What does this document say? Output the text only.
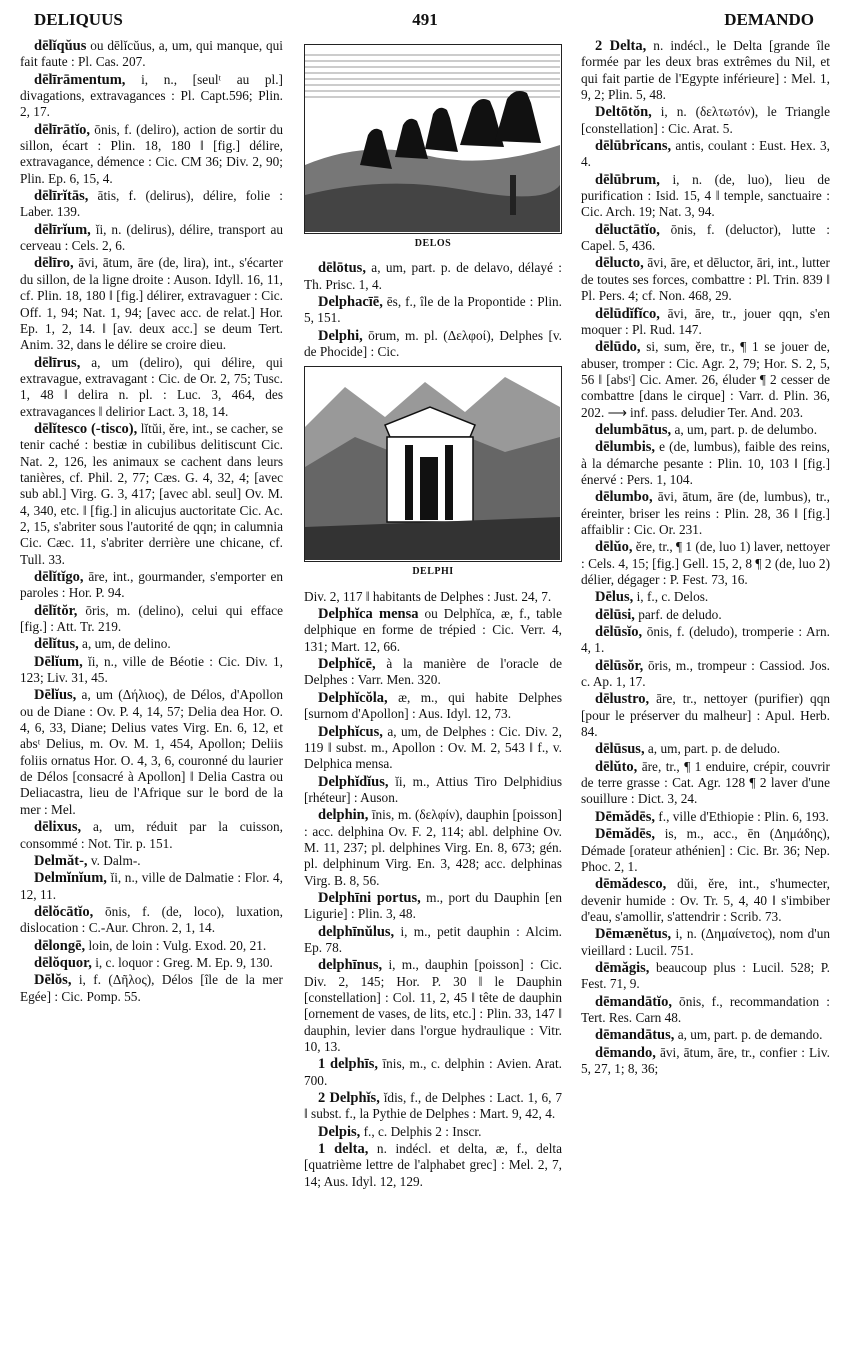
DELIQUUS	491	DEMANDO

dēlĭqŭus ou dēlĭcŭus, a, um, qui manque, qui fait faute : Pl. Cas. 207.

dēlīrāmentum, i, n., [seulᵗ au pl.] divagations, extravagances : Pl. Capt.596; Plin. 2, 17.

dēlīrātĭo, ōnis, f. (deliro), action de sortir du sillon, écart : Plin. 18, 180 ‖ [fig.] délire, extravagance, démence : Cic. CM 36; Div. 2, 90; Plin. Ep. 6, 15, 4.

dēlīrĭtās, ātis, f. (delirus), délire, folie : Laber. 139.

dēlīrĭum, ĭi, n. (delirus), délire, transport au cerveau : Cels. 2, 6.

dēlīro, āvi, ātum, āre (de, lira), int., s'écarter du sillon, de la ligne droite : Auson. Idyll. 16, 11, cf. Plin. 18, 180 ‖ [fig.] délirer, extravaguer : Cic. Off. 1, 94; Nat. 1, 94; [avec acc. de relat.] Hor. Ep. 1, 2, 14. ‖ [av. deux acc.] se deum Tert. Anim. 32, dans le délire se croire dieu.

dēlīrus, a, um (deliro), qui délire, qui extravague, extravagant : Cic. de Or. 2, 75; Tusc. 1, 48 ‖ delira n. pl. : Luc. 3, 464, des extravagances ‖ delirior Lact. 3, 18, 14.

dēlĭtesco (-tisco), lĭtŭi, ĕre, int., se cacher, se tenir caché : bestiæ in cubilibus delitiscunt Cic. Nat. 2, 126, les animaux se cachent dans leurs tanières, cf. Phil. 2, 77; Cæs. G. 4, 32, 4; [avec sub abl.] Virg. G. 3, 417; [avec abl. seul] Ov. M. 4, 340, etc. ‖ [fig.] in alicujus auctoritate Cic. Ac. 2, 15, s'abriter sous l'autorité de qqn; in calumnia Cic. Cæc. 11, s'abriter derrière une chicane, cf. Tull. 33.

dēlĭtĭgo, āre, int., gourmander, s'emporter en paroles : Hor. P. 94.

dēlĭtŏr, ōris, m. (delino), celui qui efface [fig.] : Att. Tr. 219.

dēlĭtus, a, um, de delino.

Dēlĭum, ĭi, n., ville de Béotie : Cic. Div. 1, 123; Liv. 31, 45.

Dēlĭus, a, um (Δήλιος), de Délos, d'Apollon ou de Diane : Ov. P. 4, 14, 57; Delia dea Hor. O. 4, 6, 33, Diane; Delius vates Virg. En. 6, 12, et absᵗ Delius, m. Ov. M. 1, 454, Apollon; Deliis foliis ornatus Hor. O. 4, 3, 6, couronné du laurier de Délos [consacré à Apollon] ‖ Delia Castra ou Deliacastra, lieu de l'Afrique sur le bord de la mer : Mel.

dēlixus, a, um, réduit par la cuisson, consommé : Not. Tir. p. 151.

Delmăt-, v. Dalm-.

Delmĭnĭum, ĭi, n., ville de Dalmatie : Flor. 4, 12, 11.

dēlŏcātĭo, ōnis, f. (de, loco), luxation, dislocation : C.-Aur. Chron. 2, 1, 14.

dēlongē, loin, de loin : Vulg. Exod. 20, 21.

dēlŏquor, i, c. loquor : Greg. M. Ep. 9, 130.

Dēlŏs, i, f. (Δῆλος), Délos [île de la mer Egée] : Cic. Pomp. 55.

DELOS

dēlōtus, a, um, part. p. de delavo, délayé : Th. Prisc. 1, 4.

Delphacīē, ēs, f., île de la Propontide : Plin. 5, 151.

Delphi, ōrum, m. pl. (Δελφοί), Delphes [v. de Phocide] : Cic.

DELPHI

Div. 2, 117 ‖ habitants de Delphes : Just. 24, 7.

Delphĭca mensa ou Delphĭca, æ, f., table delphique en forme de trépied : Cic. Verr. 4, 131; Mart. 12, 66.

Delphĭcē, à la manière de l'oracle de Delphes : Varr. Men. 320.

Delphĭcŏla, æ, m., qui habite Delphes [surnom d'Apollon] : Aus. Idyl. 12, 73.

Delphĭcus, a, um, de Delphes : Cic. Div. 2, 119 ‖ subst. m., Apollon : Ov. M. 2, 543 ‖ f., v. Delphica mensa.

Delphĭdĭus, ĭi, m., Attius Tiro Delphidius [rhéteur] : Auson.

delphin, īnis, m. (δελφίν), dauphin [poisson] : acc. delphina Ov. F. 2, 114; abl. delphine Ov. M. 11, 237; pl. delphines Virg. En. 8, 673; gén. pl. delphinum Virg. En. 3, 428; acc. delphinas Virg. B. 8, 56.

Delphīni portus, m., port du Dauphin [en Ligurie] : Plin. 3, 48.

delphīnŭlus, i, m., petit dauphin : Alcim. Ep. 78.

delphīnus, i, m., dauphin [poisson] : Cic. Div. 2, 145; Hor. P. 30 ‖ le Dauphin [constellation] : Col. 11, 2, 45 ‖ tête de dauphin [ornement de vases, de lits, etc.] : Plin. 33, 147 ‖ dauphin, levier dans l'orgue hydraulique : Vitr. 10, 13.

1 delphīs, īnis, m., c. delphin : Avien. Arat. 700.

2 Delphĭs, ĭdis, f., de Delphes : Lact. 1, 6, 7 ‖ subst. f., la Pythie de Delphes : Mart. 9, 42, 4.

Delpis, f., c. Delphis 2 : Inscr.

1 delta, n. indécl. et delta, æ, f., delta [quatrième lettre de l'alphabet grec] : Mel. 2, 7, 14; Aus. Idyl. 12, 129.

2 Delta, n. indécl., le Delta [grande île formée par les deux bras extrêmes du Nil, et qui fait partie de l'Egypte inférieure] : Mel. 1, 9, 2; Plin. 5, 48.

Deltōtŏn, i, n. (δελτωτόν), le Triangle [constellation] : Cic. Arat. 5.

dēlūbrĭcans, antis, coulant : Eust. Hex. 3, 4.

dēlūbrum, i, n. (de, luo), lieu de purification : Isid. 15, 4 ‖ temple, sanctuaire : Cic. Arch. 19; Nat. 3, 94.

dēluctātĭo, ōnis, f. (deluctor), lutte : Capel. 5, 436.

dēlucto, āvi, āre, et dēluctor, āri, int., lutter de toutes ses forces, combattre : Pl. Trin. 839 ‖ Pl. Pers. 4; cf. Non. 468, 29.

dēlūdĭfĭco, āvi, āre, tr., jouer qqn, s'en moquer : Pl. Rud. 147.

dēlūdo, si, sum, ĕre, tr., ¶ 1 se jouer de, abuser, tromper : Cic. Agr. 2, 79; Hor. S. 2, 5, 56 ‖ [absᵗ] Cic. Amer. 26, éluder ¶ 2 cesser de combattre [dans le cirque] : Varr. d. Plin. 36, 202. ⟶ inf. pass. deludier Ter. And. 203.

delumbātus, a, um, part. p. de delumbo.

dēlumbis, e (de, lumbus), faible des reins, à la démarche pesante : Plin. 10, 103 ‖ [fig.] énervé : Pers. 1, 104.

dēlumbo, āvi, ātum, āre (de, lumbus), tr., éreinter, briser les reins : Plin. 28, 36 ‖ [fig.] affaiblir : Cic. Or. 231.

dēlŭo, ĕre, tr., ¶ 1 (de, luo 1) laver, nettoyer : Cels. 4, 15; [fig.] Gell. 15, 2, 8 ¶ 2 (de, luo 2) délier, dégager : P. Fest. 73, 16.

Dēlus, i, f., c. Delos.

dēlūsi, parf. de deludo.

dēlūsĭo, ōnis, f. (deludo), tromperie : Arn. 4, 1.

dēlūsŏr, ōris, m., trompeur : Cassiod. Jos. c. Ap. 1, 17.

dēlustro, āre, tr., nettoyer (purifier) qqn [pour le préserver du malheur] : Apul. Herb. 84.

dēlūsus, a, um, part. p. de deludo.

dēlŭto, āre, tr., ¶ 1 enduire, crépir, couvrir de terre grasse : Cat. Agr. 128 ¶ 2 laver d'une souillure : Dict. 3, 24.

Dēmădēs, f., ville d'Ethiopie : Plin. 6, 193.

Dēmădēs, is, m., acc., ēn (Δημάδης), Démade [orateur athénien] : Cic. Br. 36; Nep. Phoc. 2, 1.

dēmădesco, dŭi, ĕre, int., s'humecter, devenir humide : Ov. Tr. 5, 4, 40 ‖ s'imbiber d'eau, s'amollir, s'attendrir : Scrib. 73.

Dēmænĕtus, i, n. (Δημαίνετος), nom d'un vieillard : Lucil. 751.

dēmăgis, beaucoup plus : Lucil. 528; P. Fest. 71, 9.

dēmandātĭo, ōnis, f., recommandation : Tert. Res. Carn 48.

dēmandātus, a, um, part. p. de demando.

dēmando, āvi, ātum, āre, tr., confier : Liv. 5, 27, 1; 8, 36;
